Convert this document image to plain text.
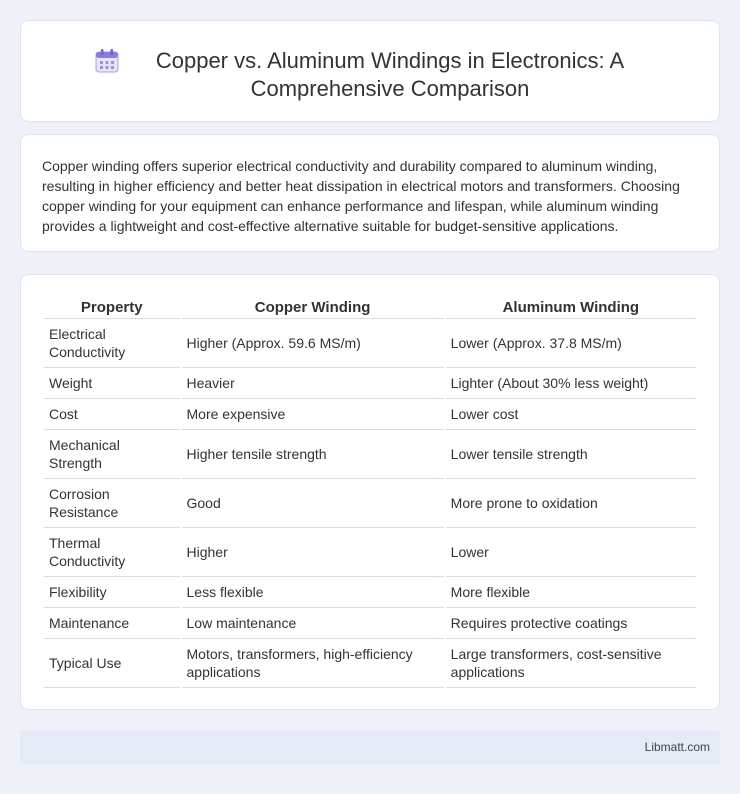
Copper vs. Aluminum Windings in Electronics: A Comprehensive Comparison

Copper winding offers superior electrical conductivity and durability compared to aluminum winding, resulting in higher efficiency and better heat dissipation in electrical motors and transformers. Choosing copper winding for your equipment can enhance performance and lifespan, while aluminum winding provides a lightweight and cost-effective alternative suitable for budget-sensitive applications.

Property	Copper Winding	Aluminum Winding
Electrical Conductivity	Higher (Approx. 59.6 MS/m)	Lower (Approx. 37.8 MS/m)
Weight	Heavier	Lighter (About 30% less weight)
Cost	More expensive	Lower cost
Mechanical Strength	Higher tensile strength	Lower tensile strength
Corrosion Resistance	Good	More prone to oxidation
Thermal Conductivity	Higher	Lower
Flexibility	Less flexible	More flexible
Maintenance	Low maintenance	Requires protective coatings
Typical Use	Motors, transformers, high-efficiency applications	Large transformers, cost-sensitive applications
Libmatt.com
